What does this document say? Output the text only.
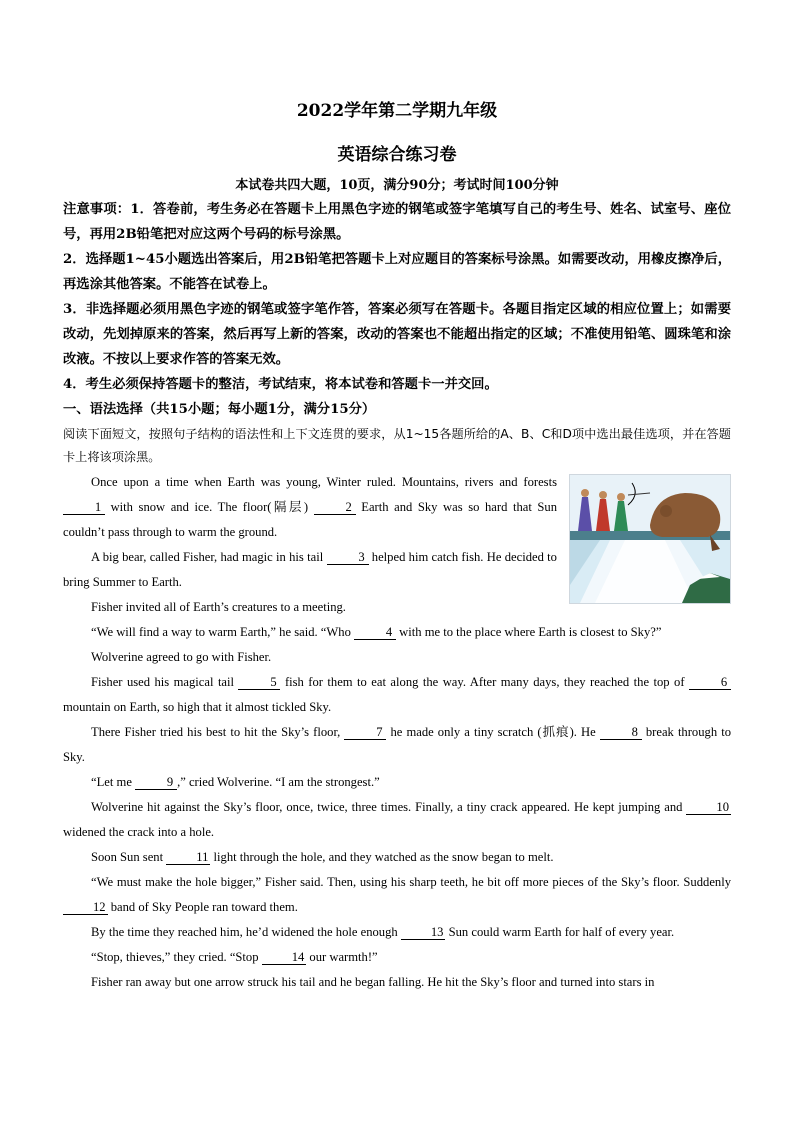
2022学年第二学期九年级
英语综合练习卷
本试卷共四大题，10页，满分90分；考试时间100分钟

注意事项：1．答卷前，考生务必在答题卡上用黑色字迹的钢笔或签字笔填写自己的考生号、姓名、试室号、座位号，再用2B铅笔把对应这两个号码的标号涂黑。

2．选择题1~45小题选出答案后，用2B铅笔把答题卡上对应题目的答案标号涂黑。如需要改动，用橡皮擦净后，再选涂其他答案。不能答在试卷上。

3．非选择题必须用黑色字迹的钢笔或签字笔作答，答案必须写在答题卡。各题目指定区域的相应位置上；如需要改动，先划掉原来的答案，然后再写上新的答案，改动的答案也不能超出指定的区域；不准使用铅笔、圆珠笔和涂改液。不按以上要求作答的答案无效。

4．考生必须保持答题卡的整洁，考试结束，将本试卷和答题卡一并交回。

一、语法选择（共15小题；每小题1分，满分15分）
阅读下面短文，按照句子结构的语法性和上下文连贯的要求，从1~15各题所给的A、B、C和D项中选出最佳选项，并在答题卡上将该项涂黑。

Once upon a time when Earth was young, Winter ruled. Mountains, rivers and forests 1 with snow and ice. The floor(隔层)	2 Earth and Sky was so hard that Sun couldn’t pass through to warm the ground.

A big bear, called Fisher, had magic in his tail	3 helped him catch fish. He decided to bring Summer to Earth.

Fisher invited all of Earth’s creatures to a meeting.

“We will find a way to warm Earth,” he said. “Who	4 with me to the place where Earth is closest to Sky?”

Wolverine agreed to go with Fisher.

Fisher used his magical tail	5 fish for them to eat along the way. After many days, they reached the top of	6 mountain on Earth, so high that it almost tickled Sky.

There Fisher tried his best to hit the Sky’s floor,	7 he made only a tiny scratch (抓痕). He	8 break through to Sky.

“Let me	9 ,” cried Wolverine. “I am the strongest.”

Wolverine hit against the Sky’s floor, once, twice, three times. Finally, a tiny crack appeared. He kept jumping and 10 widened the crack into a hole.

Soon Sun sent 11 light through the hole, and they watched as the snow began to melt.

“We must make the hole bigger,” Fisher said. Then, using his sharp teeth, he bit off more pieces of the Sky’s floor. Suddenly 12 band of Sky People ran toward them.

By the time they reached him, he’d widened the hole enough 13 Sun could warm Earth for half of every year.

“Stop, thieves,” they cried. “Stop 14 our warmth!”

Fisher ran away but one arrow struck his tail and he began falling. He hit the Sky’s floor and turned into stars in
